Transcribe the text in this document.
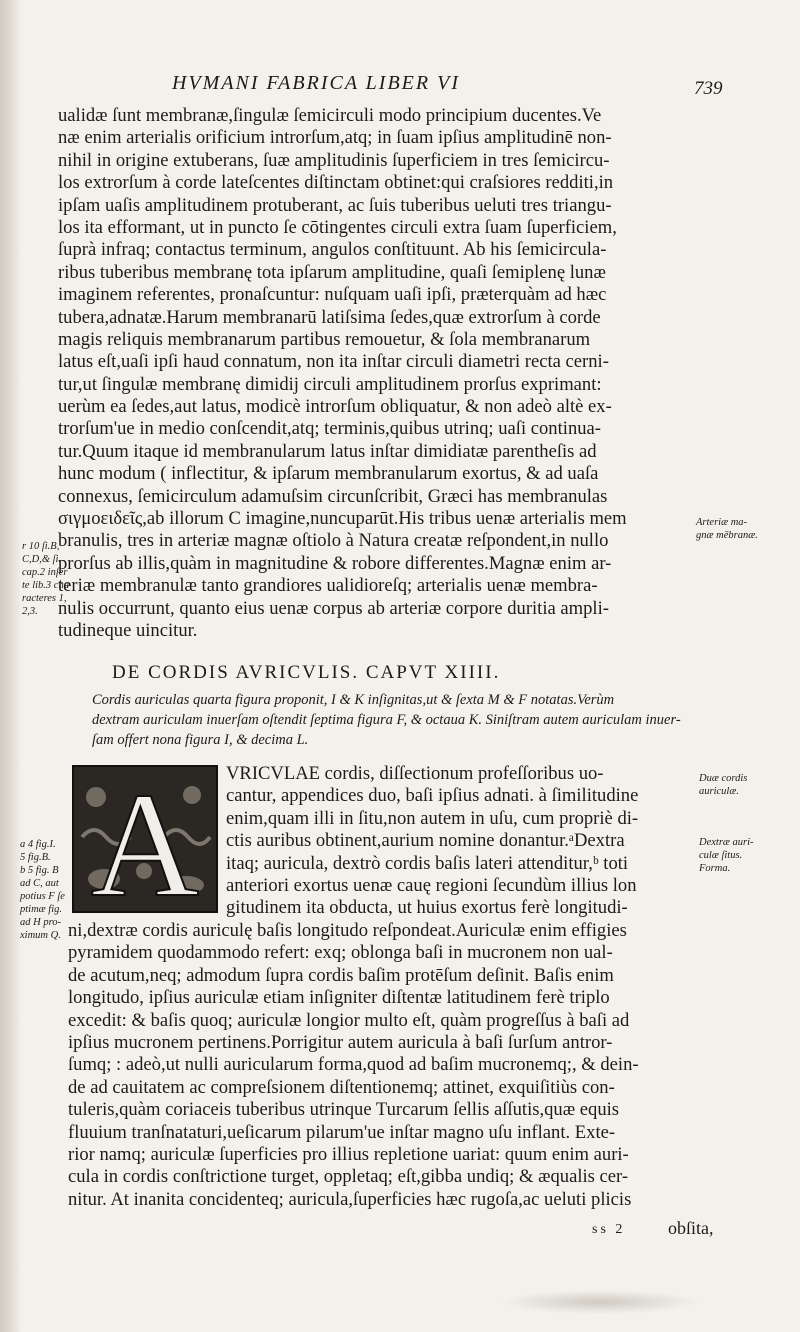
HVMANI FABRICA LIBER VI	739
ualidæ ſunt membranæ,ſingulæ ſemicirculi modo principium ducentes.Ve
næ enim arterialis orificium introrſum,atq; in ſuam ipſius amplitudinē non-
nihil in origine extuberans, ſuæ amplitudinis ſuperficiem in tres ſemicircu-
los extrorſum à corde lateſcentes diſtinctam obtinet:qui craſsiores redditi,in
ipſam uaſis amplitudinem protuberant, ac ſuis tuberibus ueluti tres triangu-
los ita efformant, ut in puncto ſe cōtingentes circuli extra ſuam ſuperficiem,
ſuprà infraq; contactus terminum, angulos conſtituunt. Ab his ſemicircula-
ribus tuberibus membranę tota ipſarum amplitudine, quaſi ſemiplenę lunæ
imaginem referentes, pronaſcuntur: nuſquam uaſi ipſi, præterquàm ad hæc
tubera,adnatæ.Harum membranarū latiſsima ſedes,quæ extrorſum à corde
magis reliquis membranarum partibus remouetur, & ſola membranarum
latus eſt,uaſi ipſi haud connatum, non ita inſtar circuli diametri recta cerni-
tur,ut ſingulæ membranę dimidij circuli amplitudinem prorſus exprimant:
uerùm ea ſedes,aut latus, modicè introrſum obliquatur, & non adeò altè ex-
trorſum'ue in medio conſcendit,atq; terminis,quibus utrinq; uaſi continua-
tur.Quum itaque id membranularum latus inſtar dimidiatæ parentheſis ad
hunc modum ( inflectitur, & ipſarum membranularum exortus, & ad uaſa
connexus, ſemicirculum adamuſsim circunſcribit, Græci has membranulas
σιγμοειδεῖς,ab illorum C imagine,nuncuparūt.His tribus uenæ arterialis mem
branulis, tres in arteriæ magnæ oſtiolo à Natura creatæ reſpondent,in nullo
prorſus ab illis,quàm in magnitudine & robore differentes.Magnæ enim ar-
teriæ membranulæ tanto grandiores ualidioreſq; arterialis uenæ membra-
nulis occurrunt, quanto eius uenæ corpus ab arteriæ corpore duritia ampli-
tudineque uincitur.
r 10 ſi.B,
C,D,& ſi.
cap.2 inſer
te lib.3 cha
racteres 1,
2,3.
Arteriæ ma-
gnæ mēbranæ.
DE CORDIS AVRICVLIS. CAPVT XIIII.
Cordis auriculas quarta figura proponit, I & K inſignitas,ut & ſexta M & F notatas.Verùm
dextram auriculam inuerſam oſtendit ſeptima figura F, & octaua K. Siniſtram autem auriculam inuer-
ſam offert nona figura I, & decima L.
A VRICVLAE cordis, diſſectionum profeſſoribus uo-
cantur, appendices duo, baſi ipſius adnati. à ſimilitudine
enim,quam illi in ſitu,non autem in uſu, cum propriè di-
ctis auribus obtinent,aurium nomine donantur.ᵃDextra
itaq; auricula, dextrò cordis baſis lateri attenditur,ᵇ toti
anteriori exortus uenæ cauę regioni ſecundùm illius lon
gitudinem ita obducta, ut huius exortus ferè longitudi-
ni,dextræ cordis auriculę baſis longitudo reſpondeat.Auriculæ enim effigies
pyramidem quodammodo refert: exq; oblonga baſi in mucronem non ual-
de acutum,neq; admodum ſupra cordis baſim protēſum deſinit. Baſis enim
longitudo, ipſius auriculæ etiam inſigniter diſtentæ latitudinem ferè triplo
excedit: & baſis quoq; auriculæ longior multo eſt, quàm progreſſus à baſi ad
ipſius mucronem pertinens.Porrigitur autem auricula à baſi ſurſum antror-
ſumq; : adeò,ut nulli auricularum forma,quod ad baſim mucronemq;, & dein-
de ad cauitatem ac compreſsionem diſtentionemq; attinet, exquiſitiùs con-
tuleris,quàm coriaceis tuberibus utrinque Turcarum ſellis aſſutis,quæ equis
fluuium tranſnataturi,ueſicarum pilarum'ue inſtar magno uſu inflant. Exte-
rior namq; auriculæ ſuperficies pro illius repletione uariat: quum enim auri-
cula in cordis conſtrictione turget, oppletaq; eſt,gibba undiq; & æqualis cer-
nitur. At inanita concidenteq; auricula,ſuperficies hæc rugoſa,ac ueluti plicis
Duæ cordis
auriculæ.
Dextræ auri-
culæ ſitus.
Forma.
a 4 fig.I.
5 fig.B.
b 5 fig. B
ad C, aut
potius F ſe
ptimæ fig.
ad H pro-
ximum Q.
ss 2 obſita,
